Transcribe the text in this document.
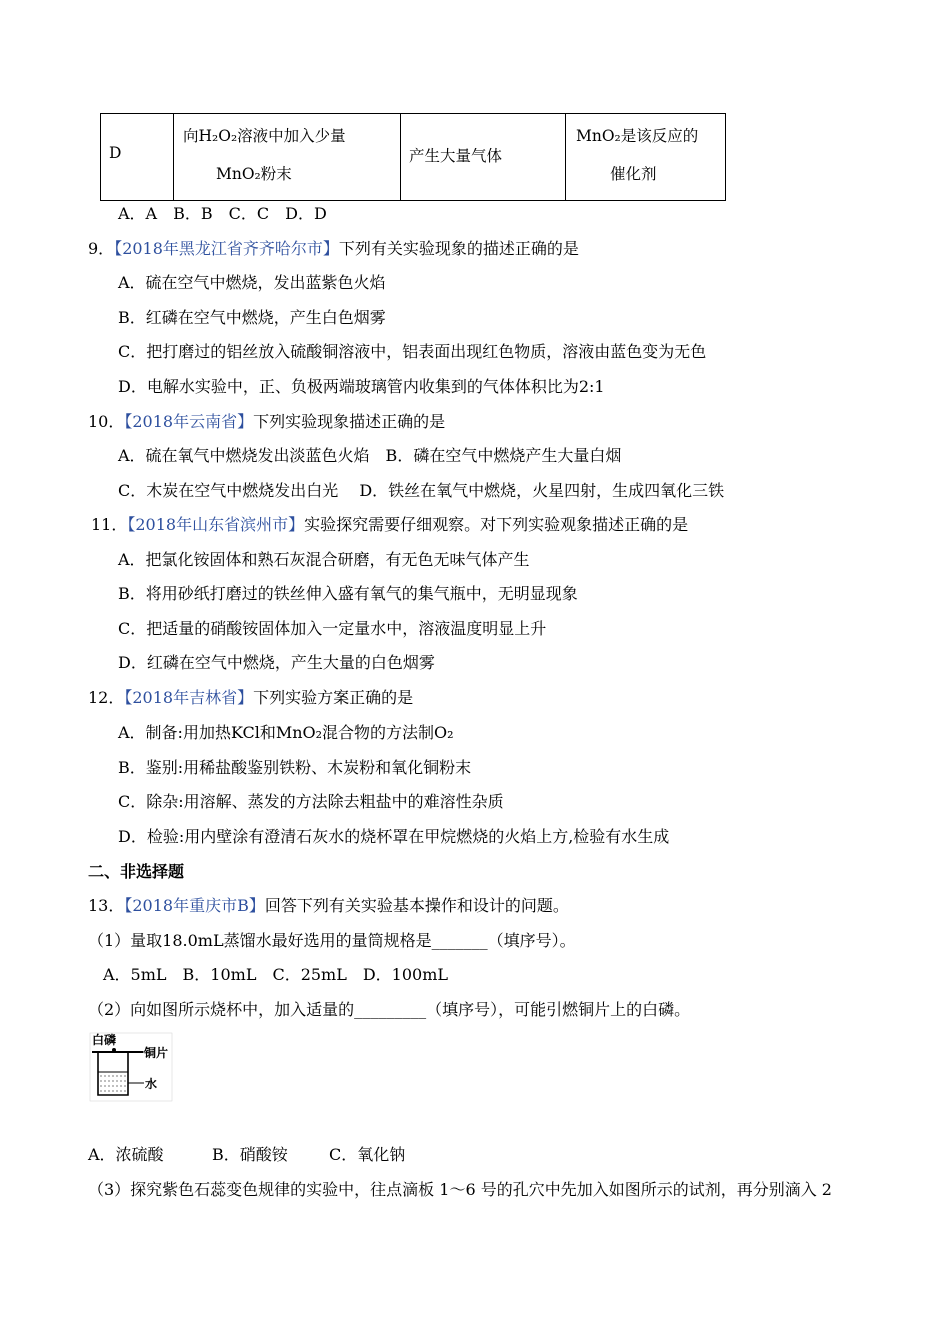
D

向H₂O₂溶液中加入少量
MnO₂粉末

产生大量气体

MnO₂是该反应的
催化剂
A．A　B．B　C．C　D．D
9．【2018年黑龙江省齐齐哈尔市】下列有关实验现象的描述正确的是
A．硫在空气中燃烧，发出蓝紫色火焰
B．红磷在空气中燃烧，产生白色烟雾
C．把打磨过的铝丝放入硫酸铜溶液中，铝表面出现红色物质，溶液由蓝色变为无色
D．电解水实验中，正、负极两端玻璃管内收集到的气体体积比为2:1
10．【2018年云南省】下列实验现象描述正确的是
A．硫在氧气中燃烧发出淡蓝色火焰　B．磷在空气中燃烧产生大量白烟
C．木炭在空气中燃烧发出白光　 D．铁丝在氧气中燃烧，火星四射，生成四氧化三铁
11．【2018年山东省滨州市】实验探究需要仔细观察。对下列实验观象描述正确的是
A．把氯化铵固体和熟石灰混合研磨，有无色无味气体产生
B．将用砂纸打磨过的铁丝伸入盛有氧气的集气瓶中，无明显现象
C．把适量的硝酸铵固体加入一定量水中，溶液温度明显上升
D．红磷在空气中燃烧，产生大量的白色烟雾
12．【2018年吉林省】下列实验方案正确的是
A．制备:用加热KCl和MnO₂混合物的方法制O₂
B．鉴别:用稀盐酸鉴别铁粉、木炭粉和氧化铜粉末
C．除杂:用溶解、蒸发的方法除去粗盐中的难溶性杂质
D．检验:用内壁涂有澄清石灰水的烧杯罩在甲烷燃烧的火焰上方,检验有水生成
二、非选择题
13．【2018年重庆市B】回答下列有关实验基本操作和设计的问题。
（1）量取18.0mL蒸馏水最好选用的量筒规格是_______（填序号）。
A．5mL　B．10mL　C．25mL　D．100mL
（2）向如图所示烧杯中，加入适量的_________（填序号），可能引燃铜片上的白磷。
白磷
铜片
水
A．浓硫酸	B．硝酸铵	C．氧化钠
（3）探究紫色石蕊变色规律的实验中，往点滴板 1～6 号的孔穴中先加入如图所示的试剂，再分别滴入 2
